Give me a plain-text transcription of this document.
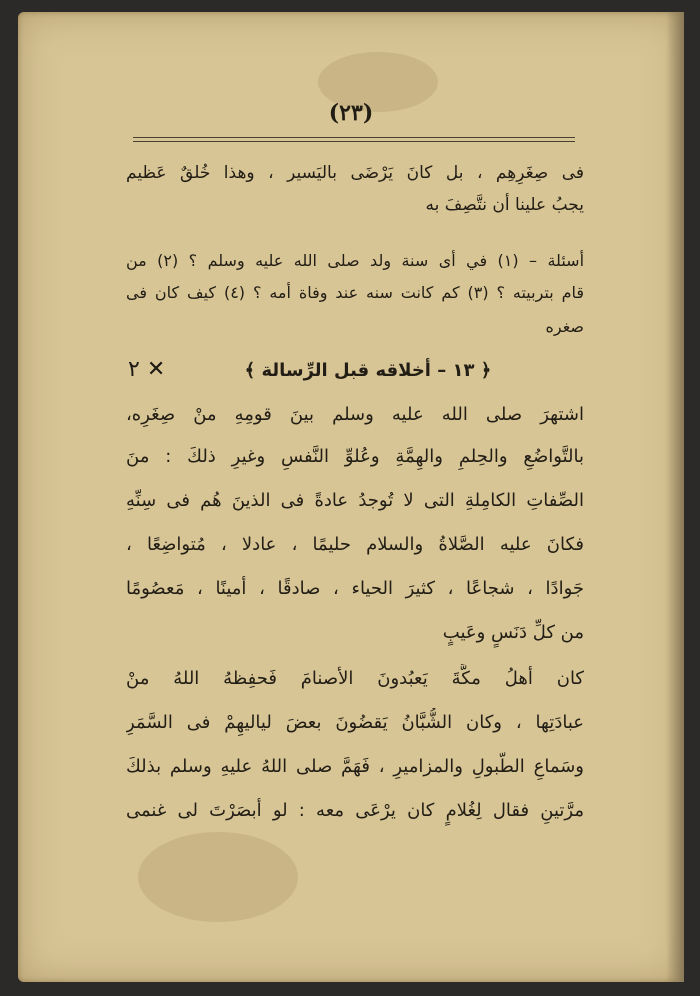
(٢٣)
فى صِغَرِهِم ، بل كانَ يَرْضَى باليَسير ، وهذا خُلقٌ عَظيم
يجبُ علينا أن نتَّصِفَ به
أسئلة – (١) في أى سنة ولد صلى الله عليه وسلم ؟ (٢) من
قام بتربيته ؟ (٣) كم كانت سنه عند وفاة أمه ؟ (٤) كيف كان فى
صغره
٢ ✕	﴿ ١٣ – أخلاقه قبل الرِّسالة ﴾
اشتهرَ صلى الله عليه وسلم بينَ قومِهِ منْ صِغَرِه،
بالتَّواضُعِ والحِلمِ والهِمَّةِ وعُلوِّ النَّفسِ وغيرِ ذلكَ : منَ
الصِّفاتِ الكامِلةِ التى لا تُوجدُ عادةً فى الذينَ هُم فى سِنِّهِ
فكانَ عليه الصَّلاةُ والسلام حليمًا ، عادلا ، مُتواضِعًا ،
جَوادًا ، شجاعًا ، كثيرَ الحياء ، صادقًا ، أمينًا ، مَعصُومًا
من كلِّ دَنَسٍ وعَيبٍ
كان أهلُ مكَّةَ يَعبُدونَ الأصنامَ فَحفِظهُ اللهُ منْ
عبادَتِها ، وكان الشُّبَّانُ يَقضُونَ بعضَ لياليهِمْ فى السَّمَرِ
وسَماعِ الطُّبولِ والمزاميرِ ، فَهَمَّ صلى اللهُ عليهِ وسلم بذلكَ
مرَّتينِ فقال لِغُلامٍ كان يرْعَى معه : لو أبصَرْتَ لى غنمى
